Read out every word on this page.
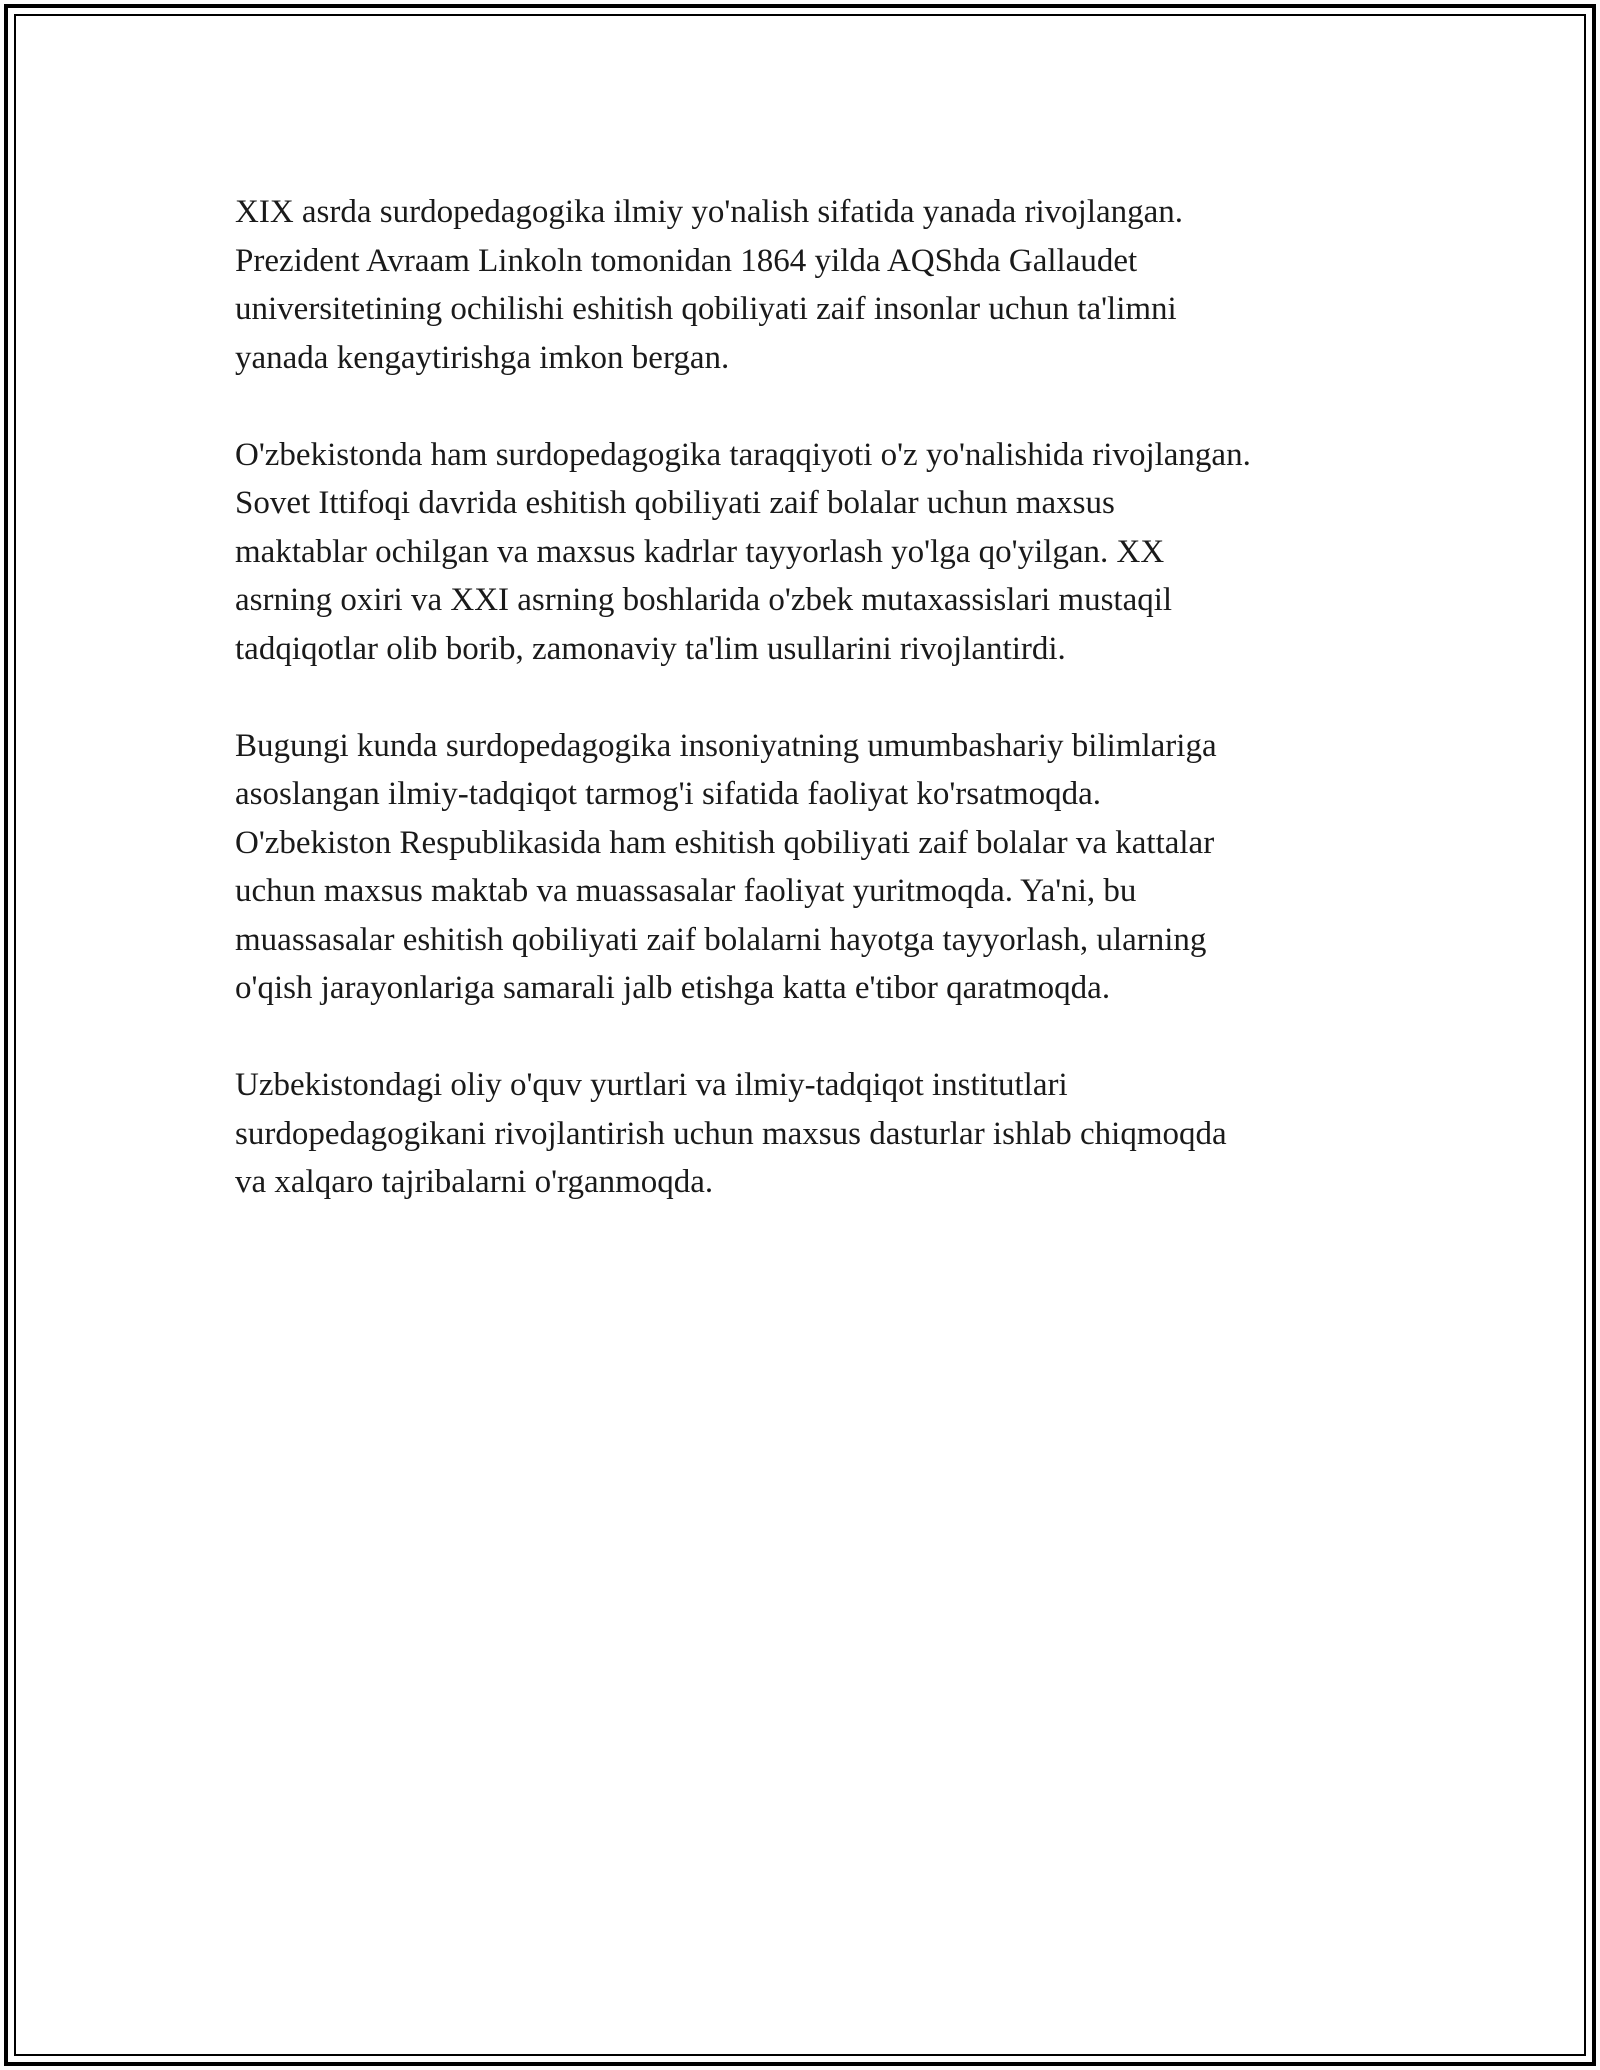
XIX asrda surdopedagogika ilmiy yo'nalish sifatida yanada rivojlangan.
Prezident Avraam Linkoln tomonidan 1864 yilda AQShda Gallaudet
universitetining ochilishi eshitish qobiliyati zaif insonlar uchun ta'limni
yanada kengaytirishga imkon bergan.

O'zbekistonda ham surdopedagogika taraqqiyoti o'z yo'nalishida rivojlangan.
Sovet Ittifoqi davrida eshitish qobiliyati zaif bolalar uchun maxsus
maktablar ochilgan va maxsus kadrlar tayyorlash yo'lga qo'yilgan. XX
asrning oxiri va XXI asrning boshlarida o'zbek mutaxassislari mustaqil
tadqiqotlar olib borib, zamonaviy ta'lim usullarini rivojlantirdi.

Bugungi kunda surdopedagogika insoniyatning umumbashariy bilimlariga
asoslangan ilmiy-tadqiqot tarmog'i sifatida faoliyat ko'rsatmoqda.
O'zbekiston Respublikasida ham eshitish qobiliyati zaif bolalar va kattalar
uchun maxsus maktab va muassasalar faoliyat yuritmoqda. Ya'ni, bu
muassasalar eshitish qobiliyati zaif bolalarni hayotga tayyorlash, ularning
o'qish jarayonlariga samarali jalb etishga katta e'tibor qaratmoqda.

Uzbekistondagi oliy o'quv yurtlari va ilmiy-tadqiqot institutlari
surdopedagogikani rivojlantirish uchun maxsus dasturlar ishlab chiqmoqda
va xalqaro tajribalarni o'rganmoqda.
